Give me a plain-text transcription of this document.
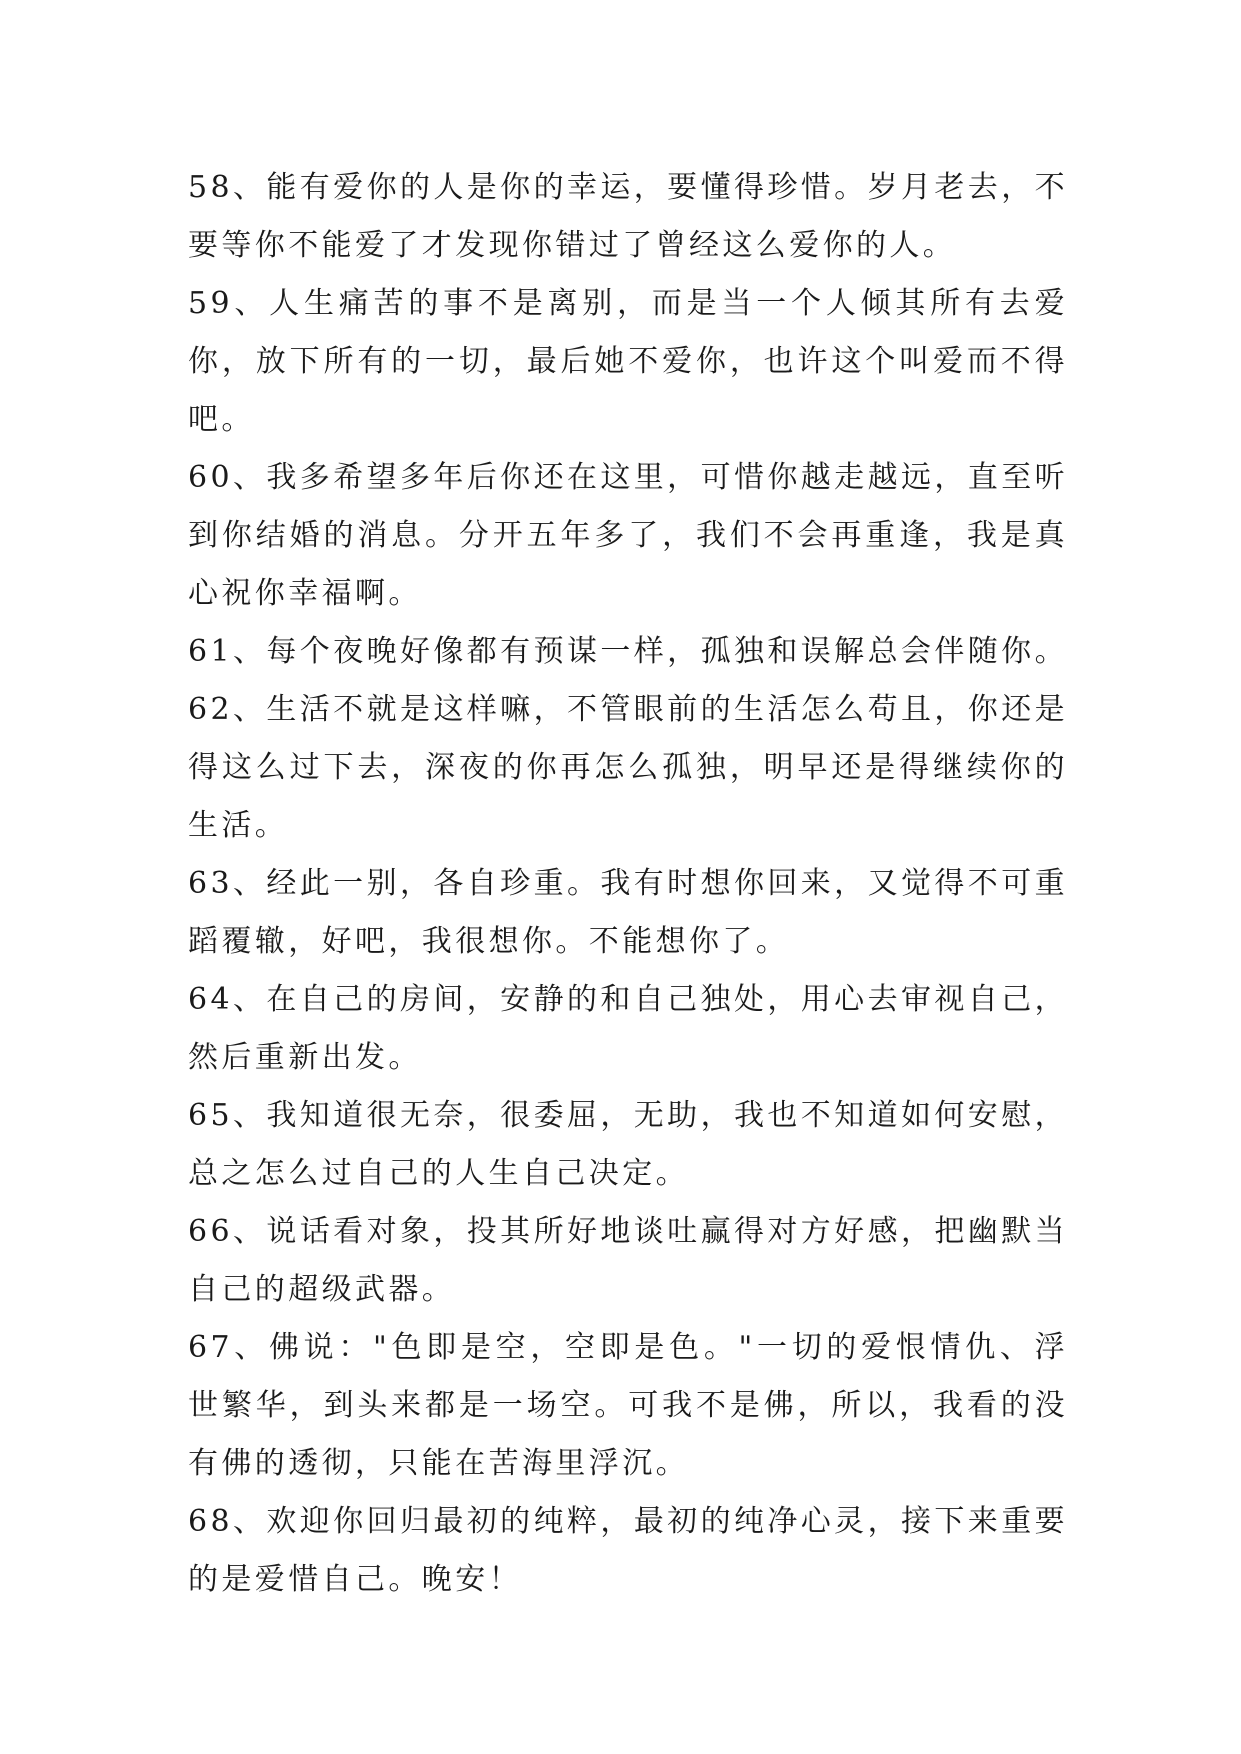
58、能有爱你的人是你的幸运，要懂得珍惜。岁月老去，不要等你不能爱了才发现你错过了曾经这么爱你的人。

59、人生痛苦的事不是离别，而是当一个人倾其所有去爱你，放下所有的一切，最后她不爱你，也许这个叫爱而不得吧。

60、我多希望多年后你还在这里，可惜你越走越远，直至听到你结婚的消息。分开五年多了，我们不会再重逢，我是真心祝你幸福啊。

61、每个夜晚好像都有预谋一样，孤独和误解总会伴随你。

62、生活不就是这样嘛，不管眼前的生活怎么苟且，你还是得这么过下去，深夜的你再怎么孤独，明早还是得继续你的生活。

63、经此一别，各自珍重。我有时想你回来，又觉得不可重蹈覆辙，好吧，我很想你。不能想你了。

64、在自己的房间，安静的和自己独处，用心去审视自己，然后重新出发。

65、我知道很无奈，很委屈，无助，我也不知道如何安慰，总之怎么过自己的人生自己决定。

66、说话看对象，投其所好地谈吐赢得对方好感，把幽默当自己的超级武器。

67、佛说："色即是空，空即是色。"一切的爱恨情仇、浮世繁华，到头来都是一场空。可我不是佛，所以，我看的没有佛的透彻，只能在苦海里浮沉。

68、欢迎你回归最初的纯粹，最初的纯净心灵，接下来重要的是爱惜自己。晚安！
